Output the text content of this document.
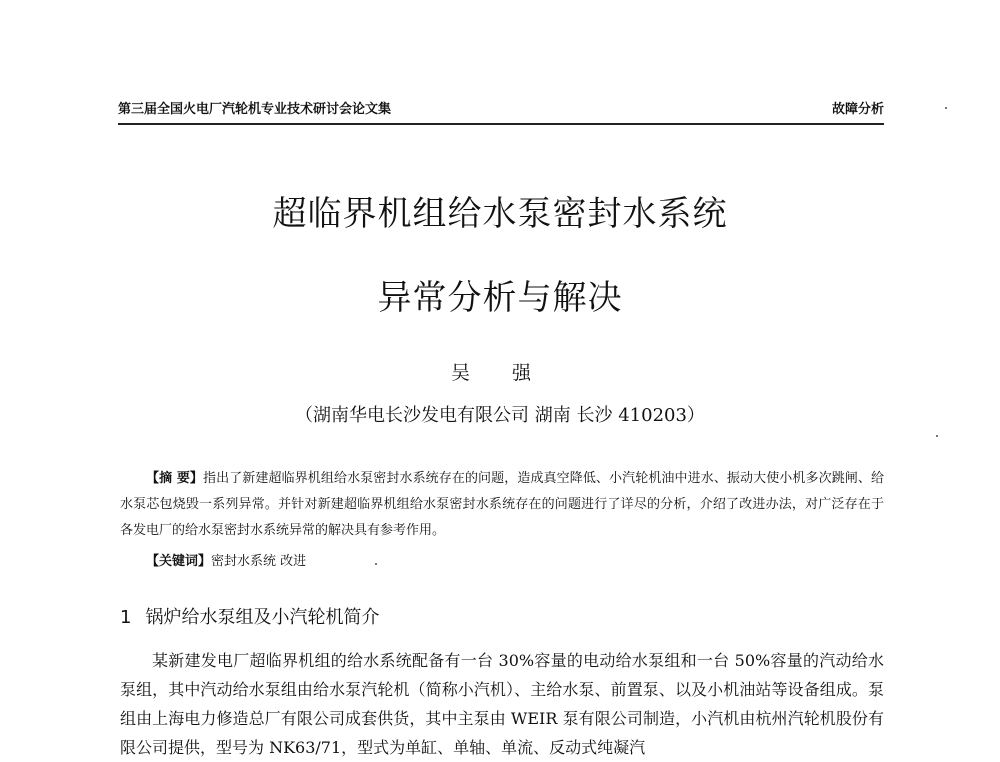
第三届全国火电厂汽轮机专业技术研讨会论文集	故障分析
超临界机组给水泵密封水系统
异常分析与解决
吴 强
（湖南华电长沙发电有限公司 湖南 长沙 410203）
【摘 要】指出了新建超临界机组给水泵密封水系统存在的问题，造成真空降低、小汽轮机油中进水、振动大使小机多次跳闸、给水泵芯包烧毁一系列异常。并针对新建超临界机组给水泵密封水系统存在的问题进行了详尽的分析，介绍了改进办法，对广泛存在于各发电厂的给水泵密封水系统异常的解决具有参考作用。
【关键词】密封水系统 改进
1 锅炉给水泵组及小汽轮机简介
某新建发电厂超临界机组的给水系统配备有一台 30%容量的电动给水泵组和一台 50%容量的汽动给水泵组，其中汽动给水泵组由给水泵汽轮机（简称小汽机）、主给水泵、前置泵、以及小机油站等设备组成。泵组由上海电力修造总厂有限公司成套供货，其中主泵由 WEIR 泵有限公司制造，小汽机由杭州汽轮机股份有限公司提供，型号为 NK63/71，型式为单缸、单轴、单流、反动式纯凝汽
